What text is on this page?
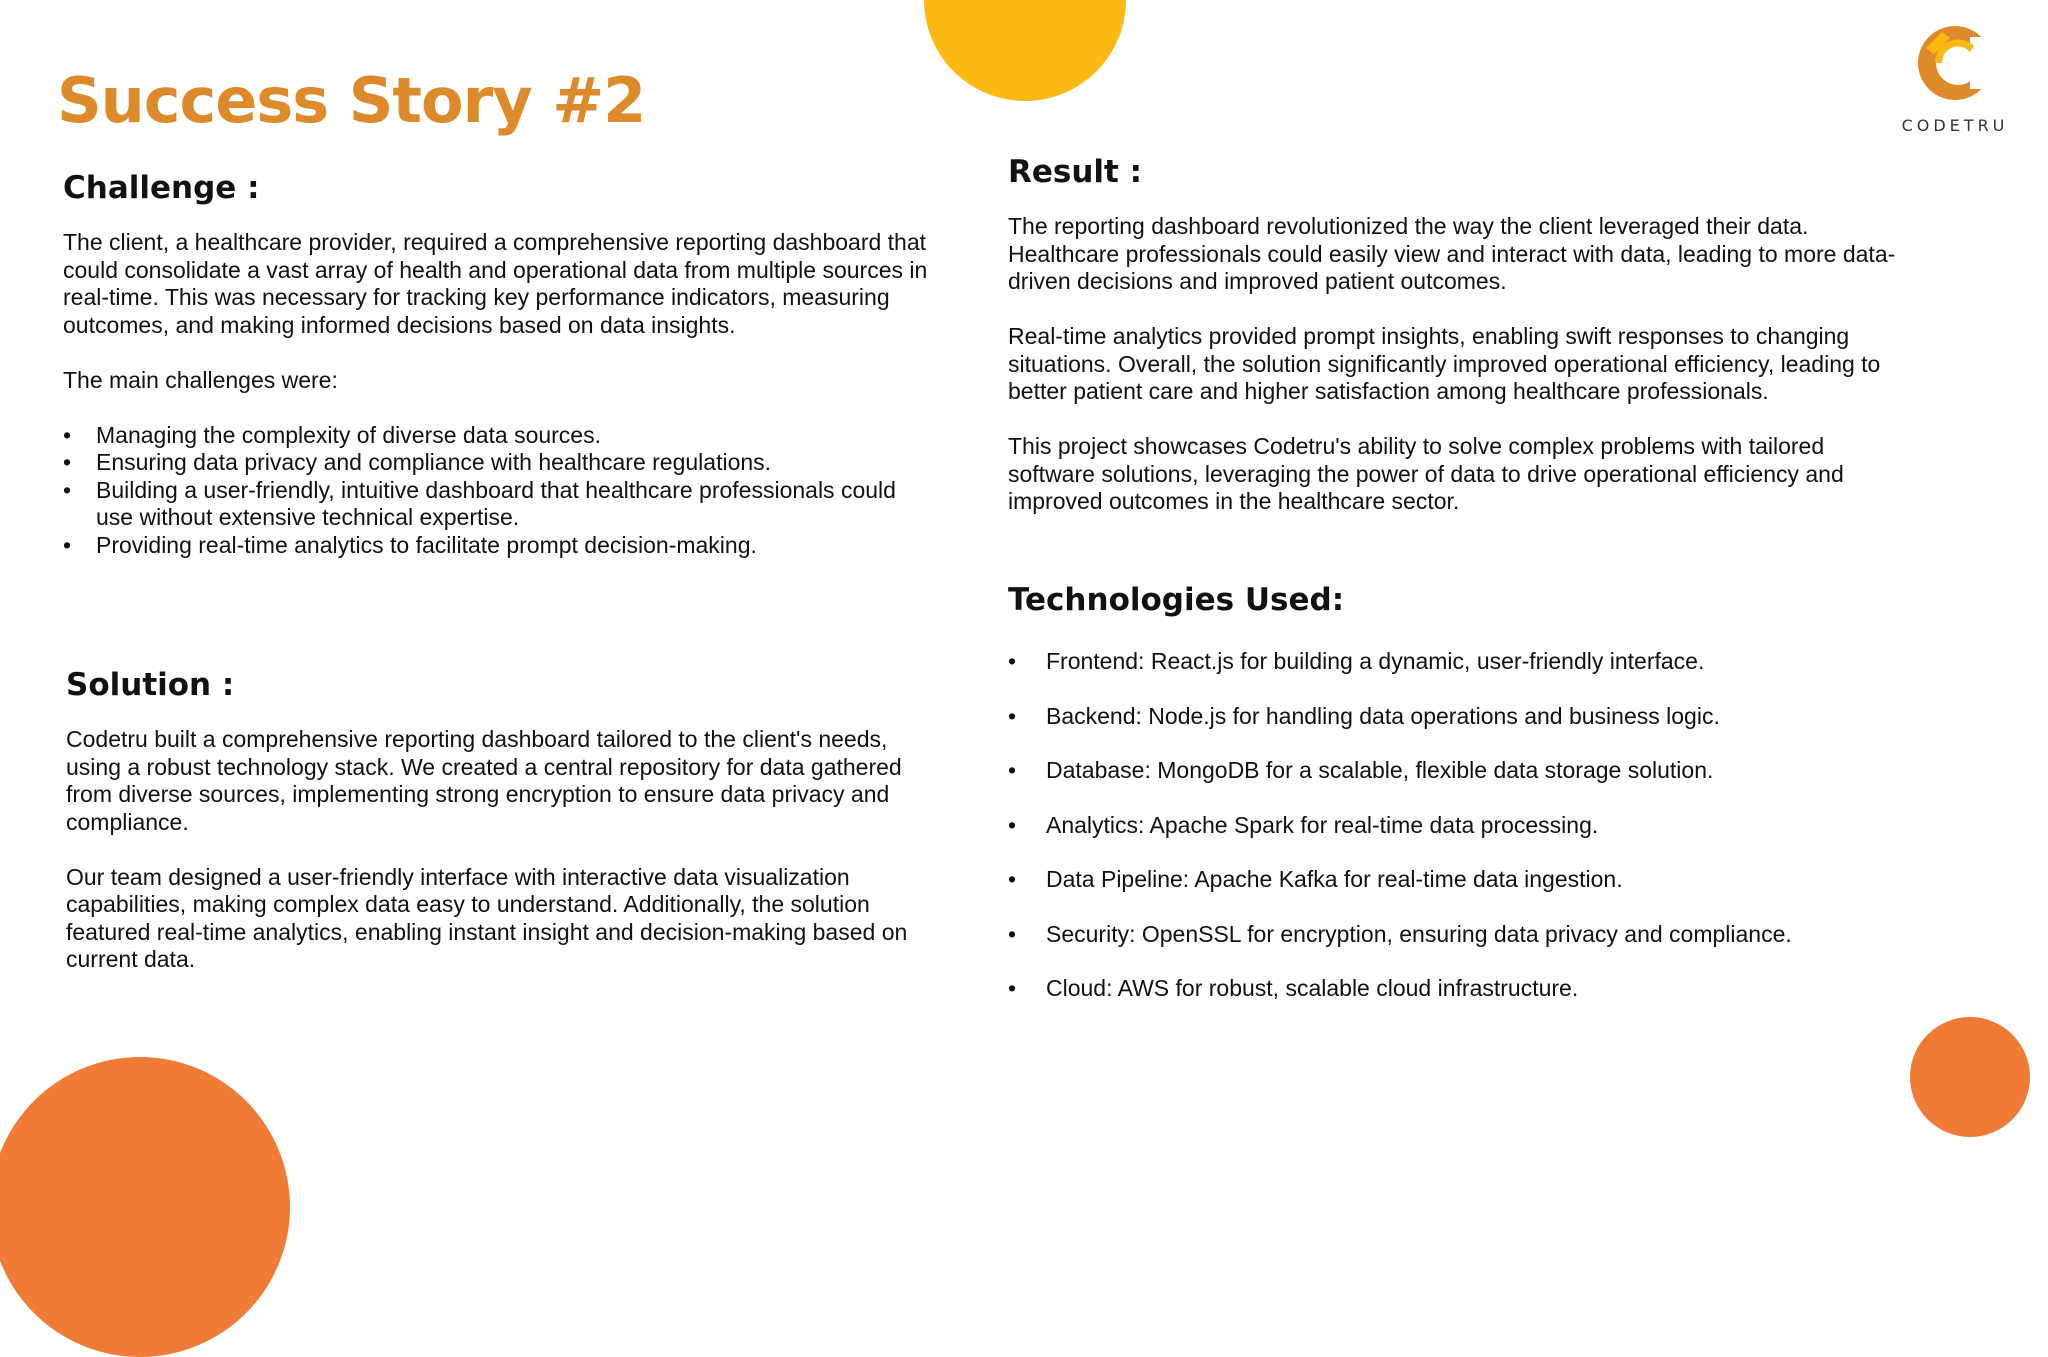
CODETRU
Success Story #2
Challenge :

The client, a healthcare provider, required a comprehensive reporting dashboard that could consolidate a vast array of health and operational data from multiple sources in real-time. This was necessary for tracking key performance indicators, measuring outcomes, and making informed decisions based on data insights.

The main challenges were:

• Managing the complexity of diverse data sources.
• Ensuring data privacy and compliance with healthcare regulations.
• Building a user-friendly, intuitive dashboard that healthcare professionals could use without extensive technical expertise.
• Providing real-time analytics to facilitate prompt decision-making.
Solution :

Codetru built a comprehensive reporting dashboard tailored to the client's needs, using a robust technology stack. We created a central repository for data gathered from diverse sources, implementing strong encryption to ensure data privacy and compliance.

Our team designed a user-friendly interface with interactive data visualization capabilities, making complex data easy to understand. Additionally, the solution featured real-time analytics, enabling instant insight and decision-making based on current data.

Result :

The reporting dashboard revolutionized the way the client leveraged their data. Healthcare professionals could easily view and interact with data, leading to more data-driven decisions and improved patient outcomes.

Real-time analytics provided prompt insights, enabling swift responses to changing situations. Overall, the solution significantly improved operational efficiency, leading to better patient care and higher satisfaction among healthcare professionals.

This project showcases Codetru's ability to solve complex problems with tailored software solutions, leveraging the power of data to drive operational efficiency and improved outcomes in the healthcare sector.

Technologies Used:
• Frontend: React.js for building a dynamic, user-friendly interface.
• Backend: Node.js for handling data operations and business logic.
• Database: MongoDB for a scalable, flexible data storage solution.
• Analytics: Apache Spark for real-time data processing.
• Data Pipeline: Apache Kafka for real-time data ingestion.
• Security: OpenSSL for encryption, ensuring data privacy and compliance.
• Cloud: AWS for robust, scalable cloud infrastructure.
